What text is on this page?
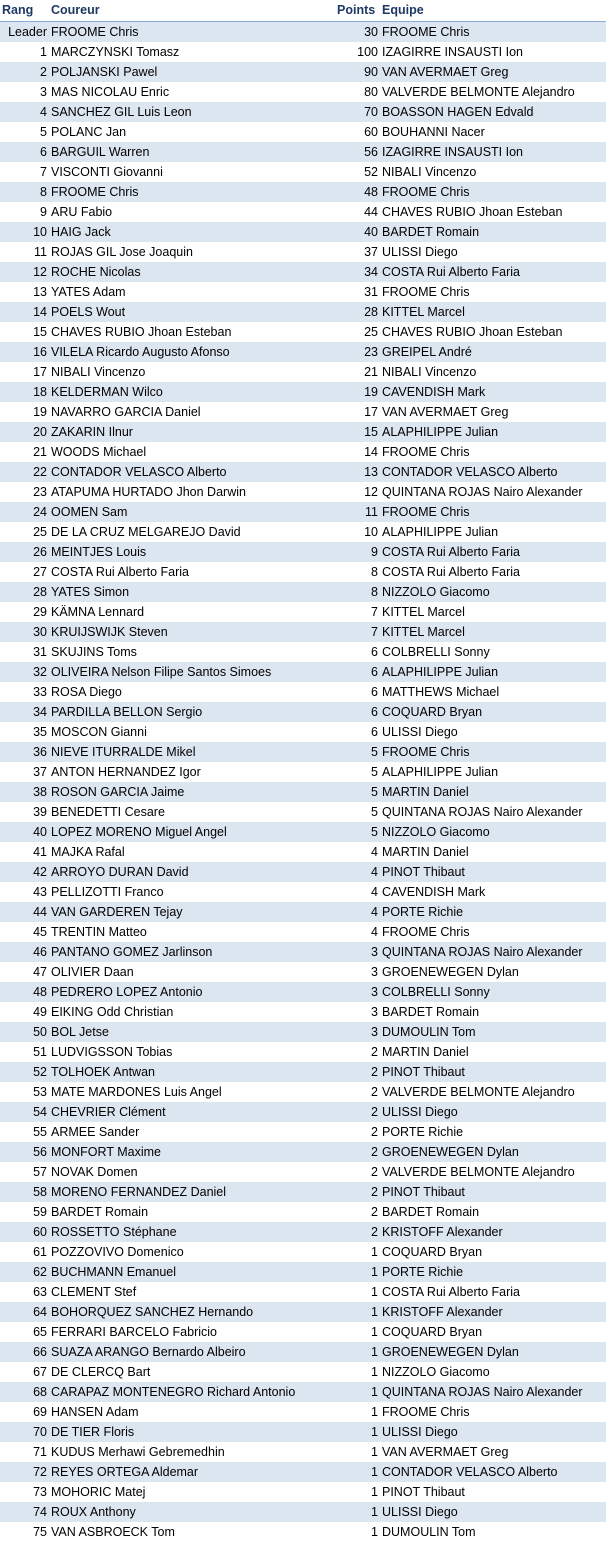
Rang	Coureur	Points	Equipe
Leader	FROOME Chris	30	FROOME Chris
1	MARCZYNSKI Tomasz	100	IZAGIRRE INSAUSTI Ion
2	POLJANSKI Pawel	90	VAN AVERMAET Greg
3	MAS NICOLAU Enric	80	VALVERDE BELMONTE Alejandro
4	SANCHEZ GIL Luis Leon	70	BOASSON HAGEN Edvald
5	POLANC Jan	60	BOUHANNI Nacer
6	BARGUIL Warren	56	IZAGIRRE INSAUSTI Ion
7	VISCONTI Giovanni	52	NIBALI Vincenzo
8	FROOME Chris	48	FROOME Chris
9	ARU Fabio	44	CHAVES RUBIO Jhoan Esteban
10	HAIG Jack	40	BARDET Romain
11	ROJAS GIL Jose Joaquin	37	ULISSI Diego
12	ROCHE Nicolas	34	COSTA Rui Alberto Faria
13	YATES Adam	31	FROOME Chris
14	POELS Wout	28	KITTEL Marcel
15	CHAVES RUBIO Jhoan Esteban	25	CHAVES RUBIO Jhoan Esteban
16	VILELA Ricardo Augusto Afonso	23	GREIPEL André
17	NIBALI Vincenzo	21	NIBALI Vincenzo
18	KELDERMAN Wilco	19	CAVENDISH Mark
19	NAVARRO GARCIA Daniel	17	VAN AVERMAET Greg
20	ZAKARIN Ilnur	15	ALAPHILIPPE Julian
21	WOODS Michael	14	FROOME Chris
22	CONTADOR VELASCO Alberto	13	CONTADOR VELASCO Alberto
23	ATAPUMA HURTADO Jhon Darwin	12	QUINTANA ROJAS Nairo Alexander
24	OOMEN Sam	11	FROOME Chris
25	DE LA CRUZ MELGAREJO David	10	ALAPHILIPPE Julian
26	MEINTJES Louis	9	COSTA Rui Alberto Faria
27	COSTA Rui Alberto Faria	8	COSTA Rui Alberto Faria
28	YATES Simon	8	NIZZOLO Giacomo
29	KÄMNA Lennard	7	KITTEL Marcel
30	KRUIJSWIJK Steven	7	KITTEL Marcel
31	SKUJINS Toms	6	COLBRELLI Sonny
32	OLIVEIRA Nelson Filipe Santos Simoes	6	ALAPHILIPPE Julian
33	ROSA Diego	6	MATTHEWS Michael
34	PARDILLA BELLON Sergio	6	COQUARD Bryan
35	MOSCON Gianni	6	ULISSI Diego
36	NIEVE ITURRALDE Mikel	5	FROOME Chris
37	ANTON HERNANDEZ Igor	5	ALAPHILIPPE Julian
38	ROSON GARCIA Jaime	5	MARTIN Daniel
39	BENEDETTI Cesare	5	QUINTANA ROJAS Nairo Alexander
40	LOPEZ MORENO Miguel Angel	5	NIZZOLO Giacomo
41	MAJKA Rafal	4	MARTIN Daniel
42	ARROYO DURAN David	4	PINOT Thibaut
43	PELLIZOTTI Franco	4	CAVENDISH Mark
44	VAN GARDEREN Tejay	4	PORTE Richie
45	TRENTIN Matteo	4	FROOME Chris
46	PANTANO GOMEZ Jarlinson	3	QUINTANA ROJAS Nairo Alexander
47	OLIVIER Daan	3	GROENEWEGEN Dylan
48	PEDRERO LOPEZ Antonio	3	COLBRELLI Sonny
49	EIKING Odd Christian	3	BARDET Romain
50	BOL Jetse	3	DUMOULIN Tom
51	LUDVIGSSON Tobias	2	MARTIN Daniel
52	TOLHOEK Antwan	2	PINOT Thibaut
53	MATE MARDONES Luis Angel	2	VALVERDE BELMONTE Alejandro
54	CHEVRIER Clément	2	ULISSI Diego
55	ARMEE Sander	2	PORTE Richie
56	MONFORT Maxime	2	GROENEWEGEN Dylan
57	NOVAK Domen	2	VALVERDE BELMONTE Alejandro
58	MORENO FERNANDEZ Daniel	2	PINOT Thibaut
59	BARDET Romain	2	BARDET Romain
60	ROSSETTO Stéphane	2	KRISTOFF Alexander
61	POZZOVIVO Domenico	1	COQUARD Bryan
62	BUCHMANN Emanuel	1	PORTE Richie
63	CLEMENT Stef	1	COSTA Rui Alberto Faria
64	BOHORQUEZ SANCHEZ Hernando	1	KRISTOFF Alexander
65	FERRARI BARCELO Fabricio	1	COQUARD Bryan
66	SUAZA ARANGO Bernardo Albeiro	1	GROENEWEGEN Dylan
67	DE CLERCQ Bart	1	NIZZOLO Giacomo
68	CARAPAZ MONTENEGRO Richard Antonio	1	QUINTANA ROJAS Nairo Alexander
69	HANSEN Adam	1	FROOME Chris
70	DE TIER Floris	1	ULISSI Diego
71	KUDUS Merhawi Gebremedhin	1	VAN AVERMAET Greg
72	REYES ORTEGA Aldemar	1	CONTADOR VELASCO Alberto
73	MOHORIC Matej	1	PINOT Thibaut
74	ROUX Anthony	1	ULISSI Diego
75	VAN ASBROECK Tom	1	DUMOULIN Tom
